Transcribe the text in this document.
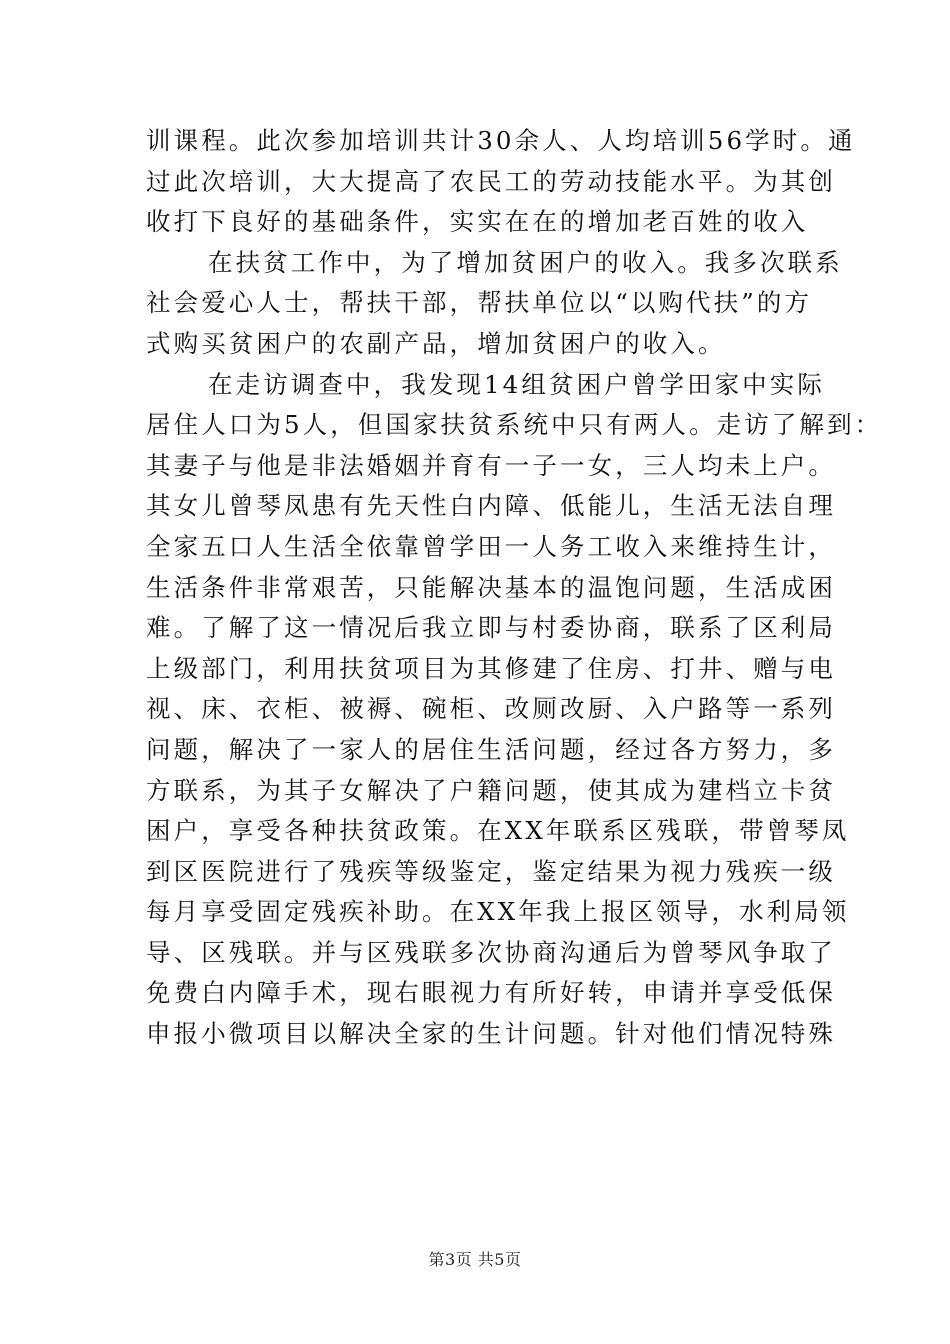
训课程。此次参加培训共计30余人、人均培训56学时。通
过此次培训，大大提高了农民工的劳动技能水平。为其创
收打下良好的基础条件，实实在在的增加老百姓的收入
在扶贫工作中，为了增加贫困户的收入。我多次联系
社会爱心人士，帮扶干部，帮扶单位以“以购代扶”的方
式购买贫困户的农副产品，增加贫困户的收入。
在走访调查中，我发现14组贫困户曾学田家中实际
居住人口为5人，但国家扶贫系统中只有两人。走访了解到：
其妻子与他是非法婚姻并育有一子一女，三人均未上户。
其女儿曾琴凤患有先天性白内障、低能儿，生活无法自理
全家五口人生活全依靠曾学田一人务工收入来维持生计，
生活条件非常艰苦，只能解决基本的温饱问题，生活成困
难。了解了这一情况后我立即与村委协商，联系了区利局
上级部门，利用扶贫项目为其修建了住房、打井、赠与电
视、床、衣柜、被褥、碗柜、改厕改厨、入户路等一系列
问题，解决了一家人的居住生活问题，经过各方努力，多
方联系，为其子女解决了户籍问题，使其成为建档立卡贫
困户，享受各种扶贫政策。在XX年联系区残联，带曾琴凤
到区医院进行了残疾等级鉴定，鉴定结果为视力残疾一级
每月享受固定残疾补助。在XX年我上报区领导，水利局领
导、区残联。并与区残联多次协商沟通后为曾琴风争取了
免费白内障手术，现右眼视力有所好转，申请并享受低保
申报小微项目以解决全家的生计问题。针对他们情况特殊
第3页 共5页
